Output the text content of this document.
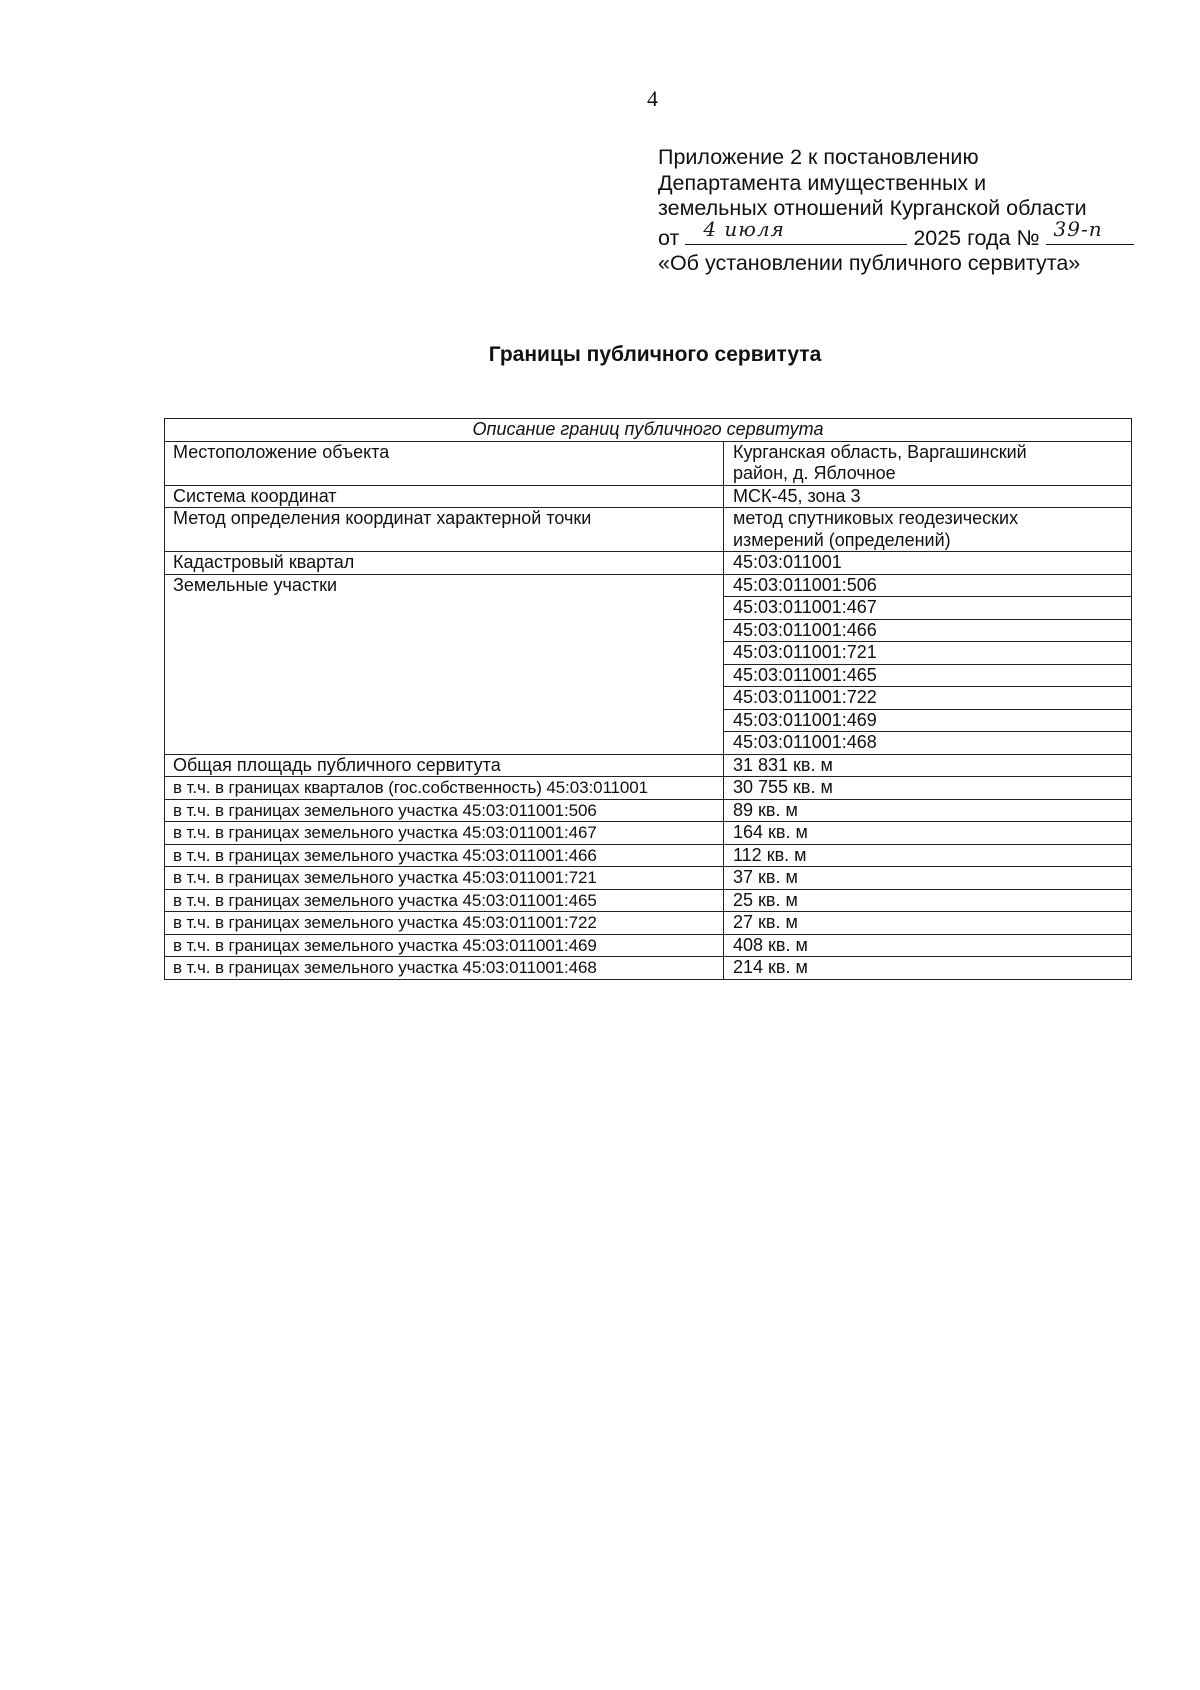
4
Приложение 2 к постановлению
Департамента имущественных и
земельных отношений Курганской области
от 4 июля	2025 года № 39-п
«Об установлении публичного сервитута»
Границы публичного сервитута
Описание границ публичного сервитута	
Местоположение объекта	Курганская область, Варгашинский
район, д. Яблочное

Система координат	МСК-45, зона 3
Метод определения координат характерной точки	метод спутниковых геодезических
измерений (определений)

Кадастровый квартал	45:03:011001
Земельные участки	45:03:011001:506
	45:03:011001:467
	45:03:011001:466
	45:03:011001:721
	45:03:011001:465
	45:03:011001:722
	45:03:011001:469
	45:03:011001:468
Общая площадь публичного сервитута	31 831 кв. м
в т.ч. в границах кварталов (гос.собственность) 45:03:011001	30 755 кв. м
в т.ч. в границах земельного участка 45:03:011001:506	89 кв. м
в т.ч. в границах земельного участка 45:03:011001:467	164 кв. м
в т.ч. в границах земельного участка 45:03:011001:466	112 кв. м
в т.ч. в границах земельного участка 45:03:011001:721	37 кв. м
в т.ч. в границах земельного участка 45:03:011001:465	25 кв. м
в т.ч. в границах земельного участка 45:03:011001:722	27 кв. м
в т.ч. в границах земельного участка 45:03:011001:469	408 кв. м
в т.ч. в границах земельного участка 45:03:011001:468	214 кв. м
